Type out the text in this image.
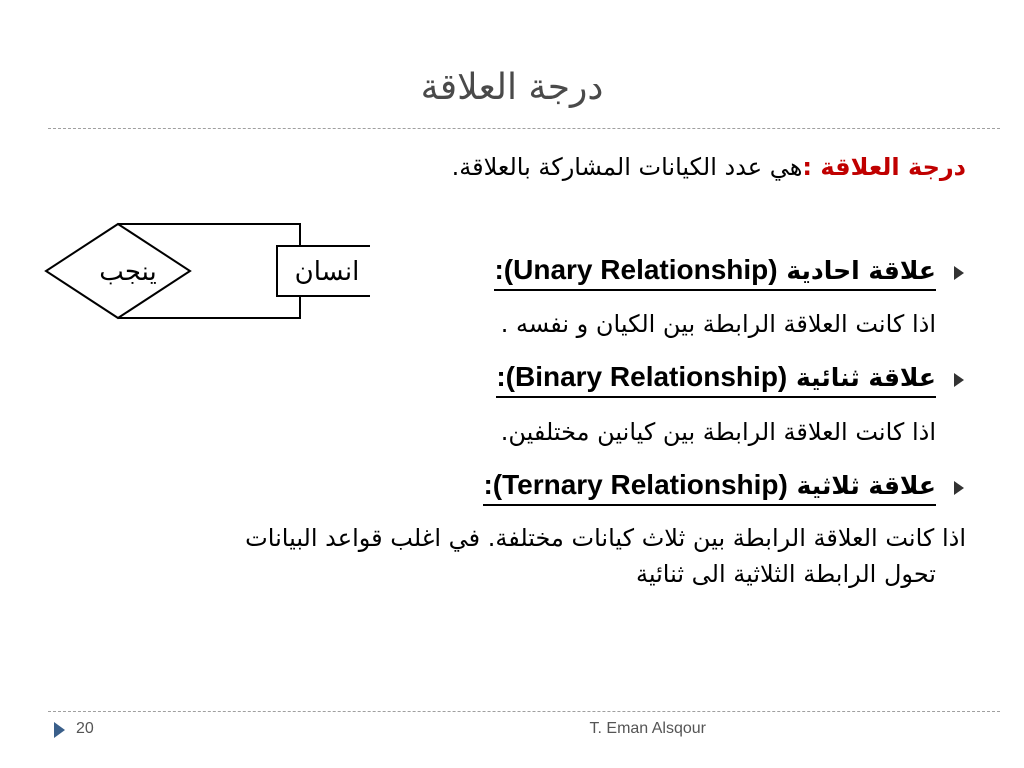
درجة العلاقة
درجة العلاقة :هي عدد الكيانات المشاركة بالعلاقة.
انسان
ينجب	علاقة احادية (Unary Relationship):
اذا كانت العلاقة الرابطة بين الكيان و نفسه .
علاقة ثنائية (Binary Relationship):
اذا كانت العلاقة الرابطة بين كيانين مختلفين.
علاقة ثلاثية (Ternary Relationship):
اذا كانت العلاقة الرابطة بين ثلاث كيانات مختلفة. في اغلب قواعد البيانات
تحول الرابطة الثلاثية الى ثنائية
20	T. Eman Alsqour
